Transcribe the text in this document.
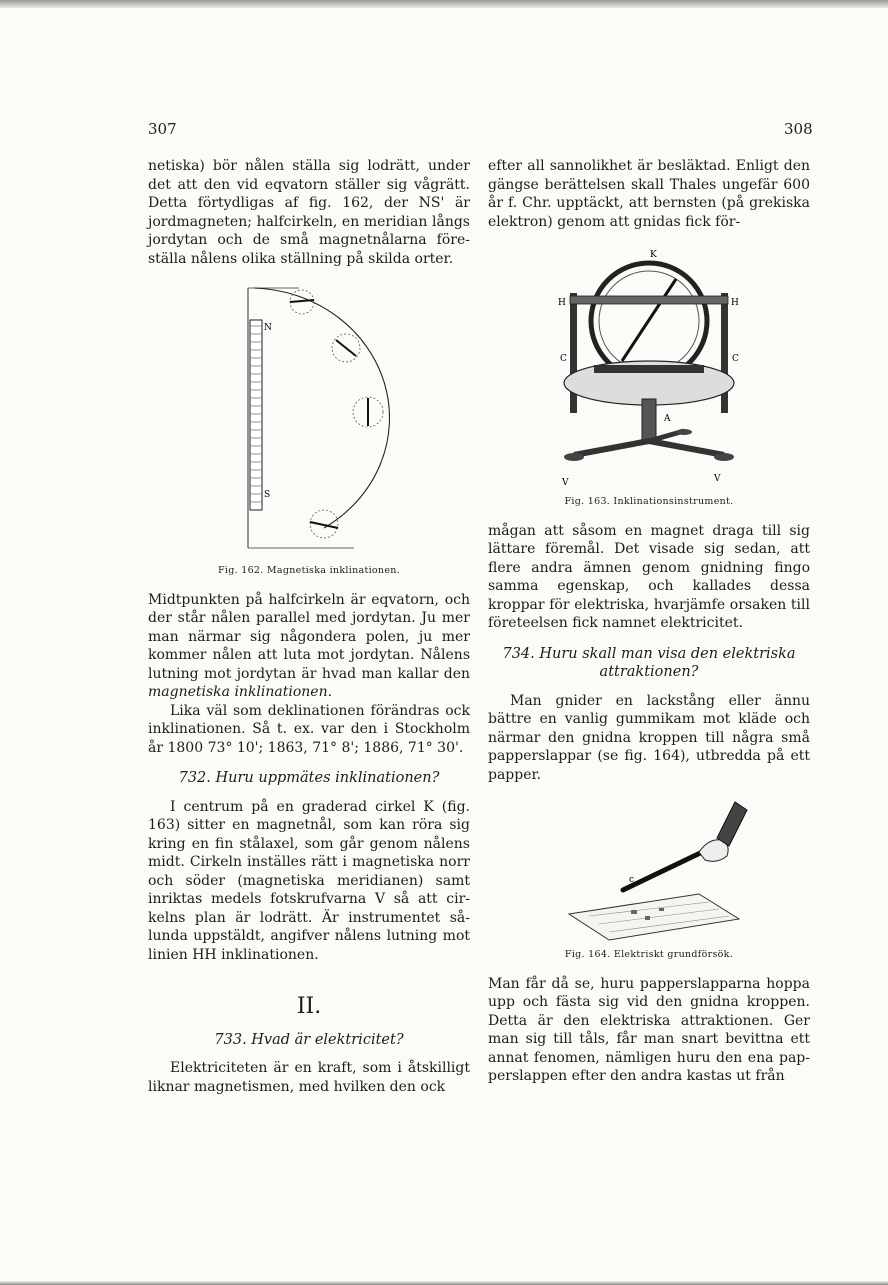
307	308

netiska) bör nålen ställa sig lodrätt, under det att den vid eqvatorn ställer sig vågrätt. Detta förtydligas af fig. 162, der NS' är jordmagneten; halfcirkeln, en meridian långs jordytan och de små magnetnålarna föreställa nålens olika ställning på skilda orter.

N
S
Fig. 162. Magnetiska inklinationen.

Midtpunkten på halfcirkeln är eqvatorn, och der står nålen parallel med jordytan. Ju mer man närmar sig någondera polen, ju mer kommer nålen att luta mot jordytan. Nålens lutning mot jordytan är hvad man kallar den magnetiska inklinationen.

Lika väl som deklinationen förändras ock inklinationen. Så t. ex. var den i Stockholm år 1800 73° 10'; 1863, 71° 8'; 1886, 71° 30'.

732. Huru uppmätes inklinationen?

I centrum på en graderad cirkel K (fig. 163) sitter en magnetnål, som kan röra sig kring en fin stålaxel, som går genom nålens midt. Cirkeln inställes rätt i magnetiska norr och söder (magnetiska meridianen) samt inriktas medels fotskrufvarna V så att cirkelns plan är lodrätt. Är instrumentet sålunda uppstäldt, angifver nålens lutning mot linien HH inklinationen.

II.
733. Hvad är elektricitet?

Elektriciteten är en kraft, som i åtskilligt liknar magnetismen, med hvilken den ock

efter all sannolikhet är besläktad. Enligt den gängse berättelsen skall Thales ungefär 600 år f. Chr. upptäckt, att bernsten (på grekiska elektron) genom att gnidas fick för-

K
H	H
C	C
A
V	V
Fig. 163. Inklinationsinstrument.

mågan att såsom en magnet draga till sig lättare föremål. Det visade sig sedan, att flere andra ämnen genom gnidning fingo samma egenskap, och kallades dessa kroppar för elektriska, hvarjämfe orsaken till företeelsen fick namnet elektricitet.

734. Huru skall man visa den elektriska attraktionen?

Man gnider en lackstång eller ännu bättre en vanlig gummikam mot kläde och närmar den gnidna kroppen till några små papperslappar (se fig. 164), utbredda på ett papper.

c
Fig. 164. Elektriskt grundförsök.

Man får då se, huru papperslapparna hoppa upp och fästa sig vid den gnidna kroppen. Detta är den elektriska attraktionen. Ger man sig till tåls, får man snart bevittna ett annat fenomen, nämligen huru den ena papperslappen efter den andra kastas ut från
